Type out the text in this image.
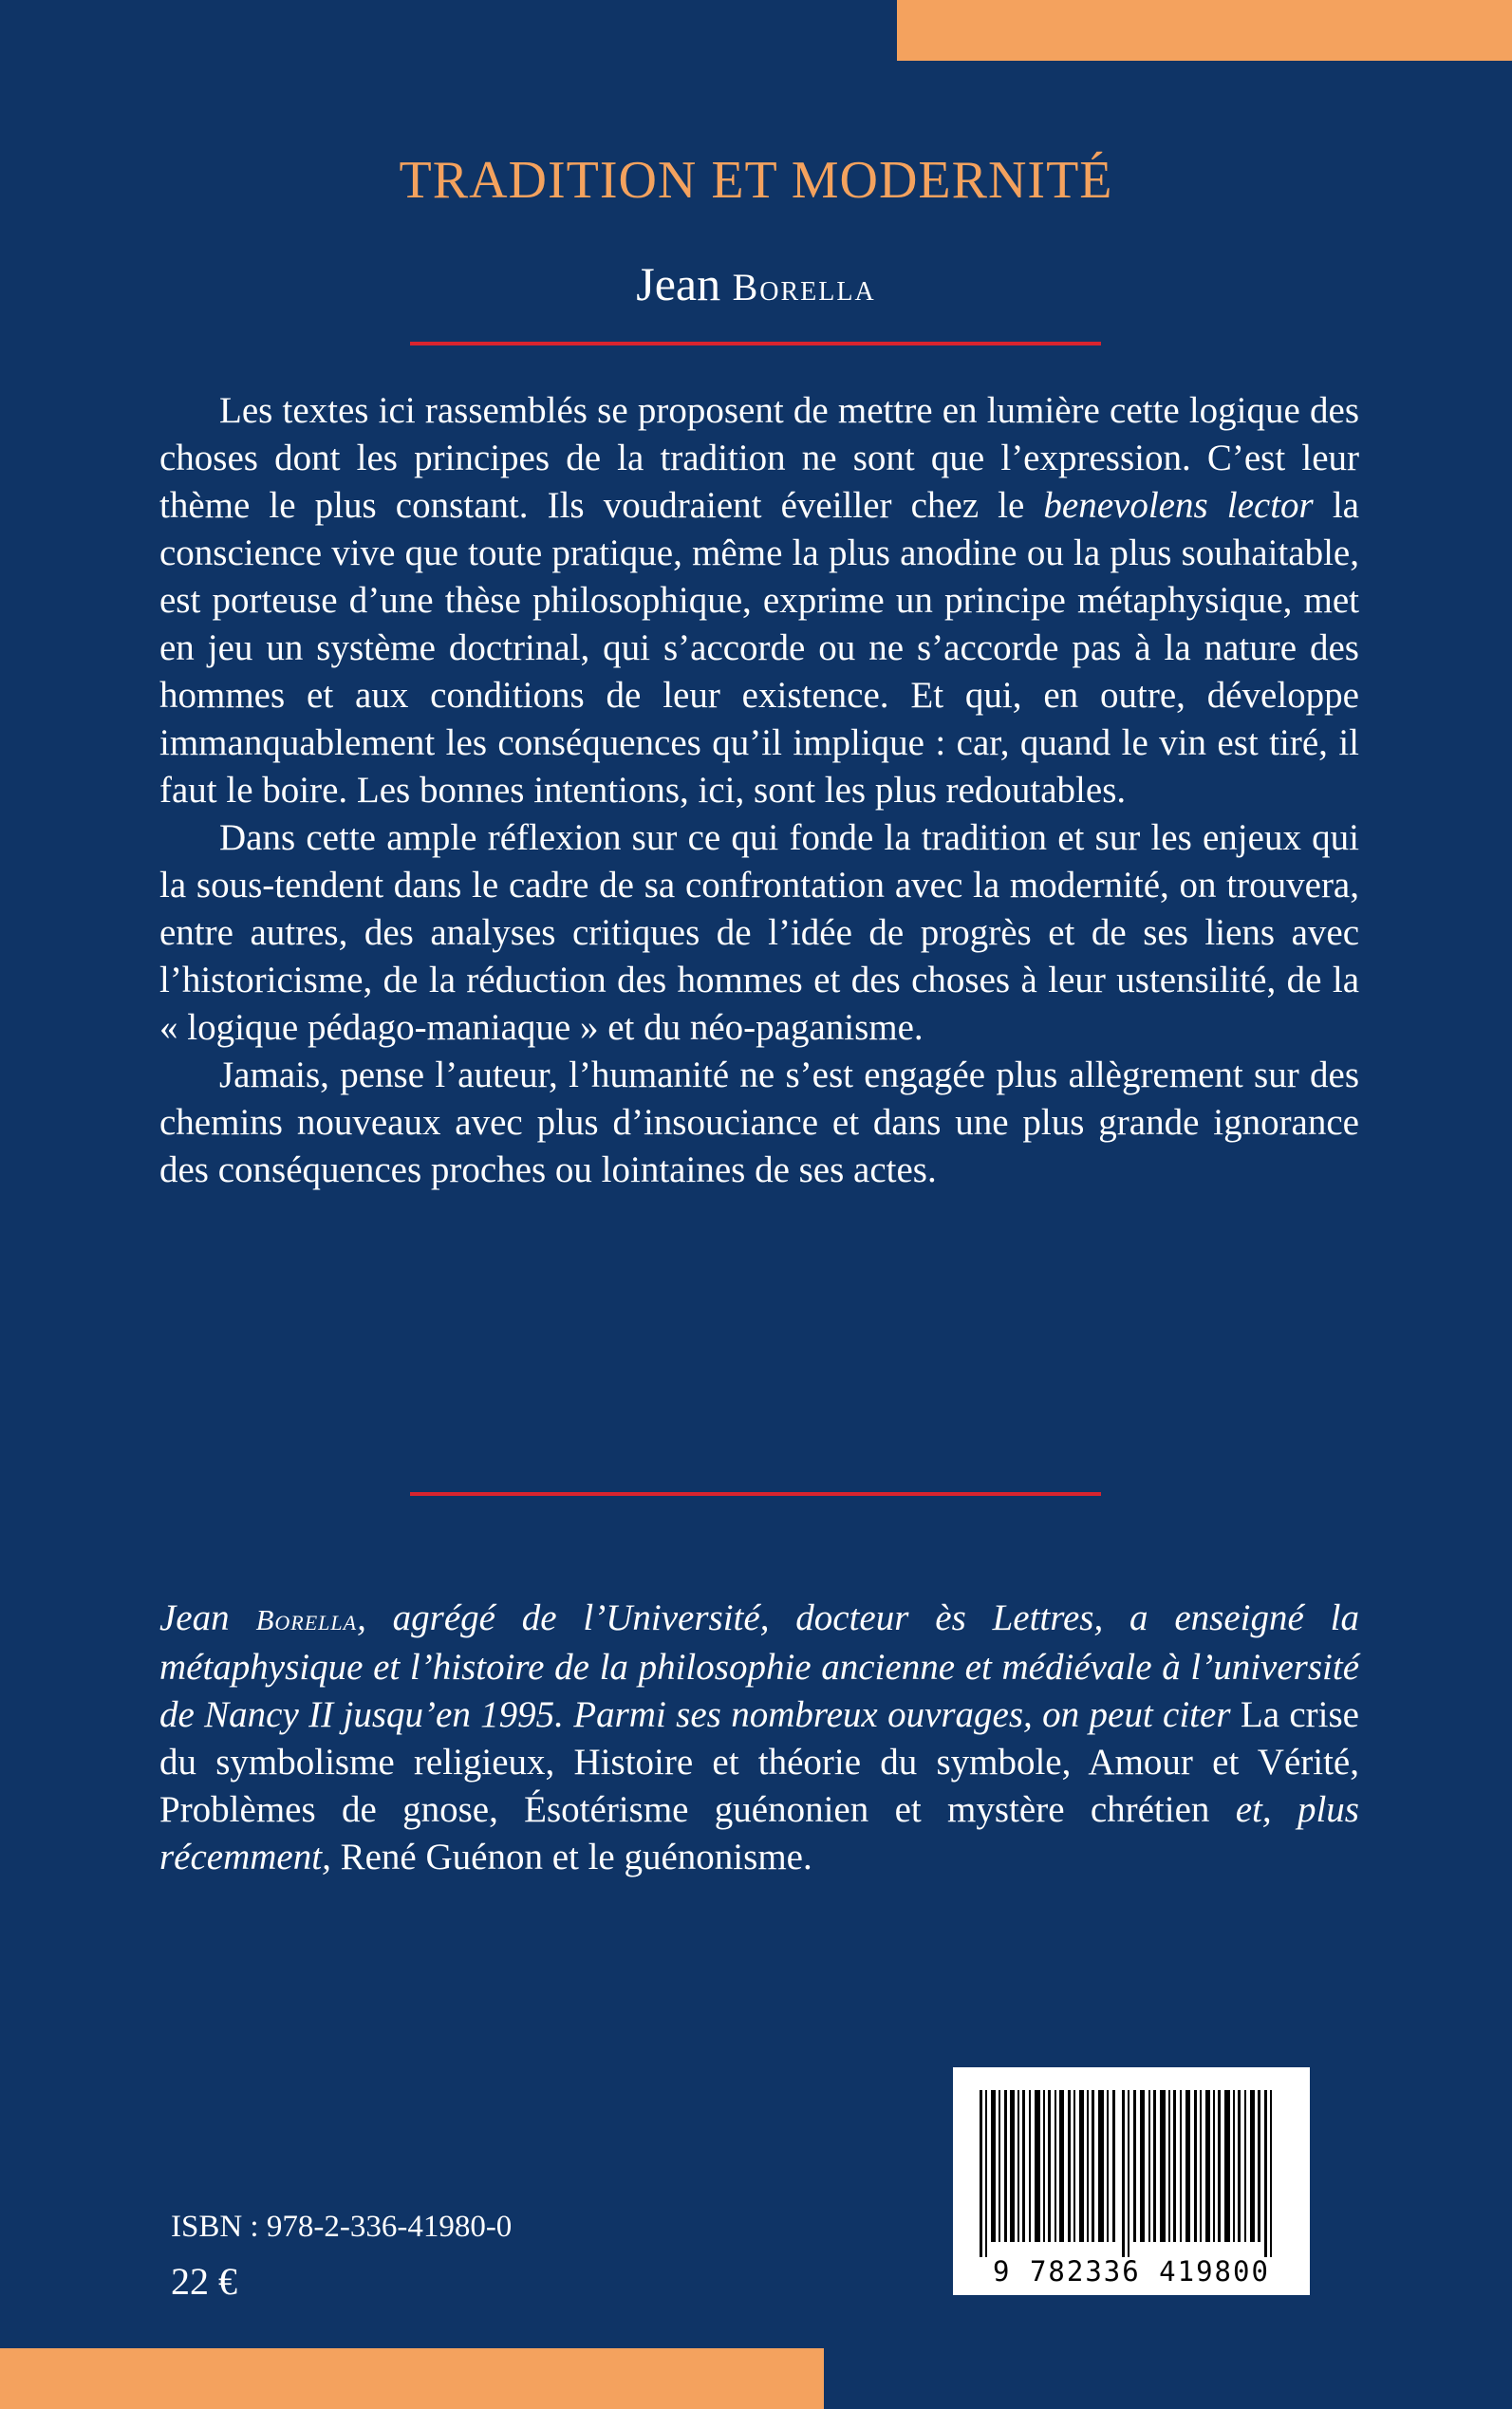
TRADITION ET MODERNITÉ
Jean Borella

Les textes ici rassemblés se proposent de mettre en lumière cette logique des choses dont les principes de la tradition ne sont que l’expression. C’est leur thème le plus constant. Ils voudraient éveiller chez le benevolens lector la conscience vive que toute pratique, même la plus anodine ou la plus souhaitable, est porteuse d’une thèse philosophique, exprime un principe métaphysique, met en jeu un système doctrinal, qui s’accorde ou ne s’accorde pas à la nature des hommes et aux conditions de leur existence. Et qui, en outre, développe immanquablement les conséquences qu’il implique : car, quand le vin est tiré, il faut le boire. Les bonnes intentions, ici, sont les plus redoutables.

Dans cette ample réflexion sur ce qui fonde la tradition et sur les enjeux qui la sous-tendent dans le cadre de sa confrontation avec la modernité, on trouvera, entre autres, des analyses critiques de l’idée de progrès et de ses liens avec l’historicisme, de la réduction des hommes et des choses à leur ustensilité, de la « logique pédago-maniaque » et du néo-paganisme.

Jamais, pense l’auteur, l’humanité ne s’est engagée plus allègrement sur des chemins nouveaux avec plus d’insouciance et dans une plus grande ignorance des conséquences proches ou lointaines de ses actes.

Jean Borella, agrégé de l’Université, docteur ès Lettres, a enseigné la métaphysique et l’histoire de la philosophie ancienne et médiévale à l’université de Nancy II jusqu’en 1995. Parmi ses nombreux ouvrages, on peut citer La crise du symbolisme religieux, Histoire et théorie du symbole, Amour et Vérité, Problèmes de gnose, Ésotérisme guénonien et mystère chrétien et, plus récemment, René Guénon et le guénonisme.

ISBN : 978-2-336-41980-0
22 €	9 782336 419800
